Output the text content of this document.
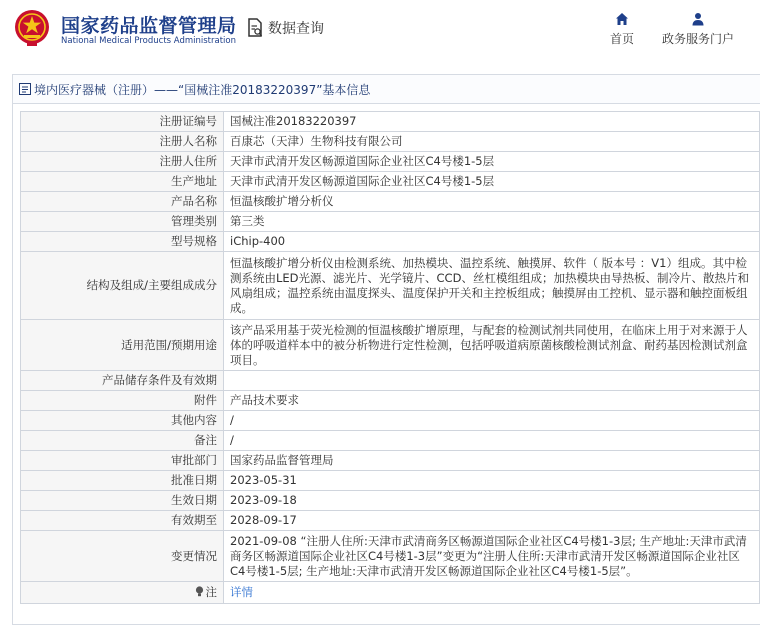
国家药品监督管理局
National Medical Products Administration
数据查询
首页 政务服务门户
境内医疗器械（注册）——“国械注准20183220397”基本信息
注册证编号	国械注准20183220397
注册人名称	百康芯（天津）生物科技有限公司
注册人住所	天津市武清开发区畅源道国际企业社区C4号楼1-5层
生产地址	天津市武清开发区畅源道国际企业社区C4号楼1-5层
产品名称	恒温核酸扩增分析仪
管理类别	第三类
型号规格	iChip-400
结构及组成/主要组成成分	恒温核酸扩增分析仪由检测系统、加热模块、温控系统、触摸屏、软件（ 版本号 ：V1）组成。其中检测系统由LED光源、滤光片、光学镜片、CCD、丝杠模组组成；加热模块由导热板、制冷片、散热片和风扇组成；温控系统由温度探头、温度保护开关和主控板组成；触摸屏由工控机、显示器和触控面板组成。
适用范围/预期用途	该产品采用基于荧光检测的恒温核酸扩增原理，与配套的检测试剂共同使用，在临床上用于对来源于人体的呼吸道样本中的被分析物进行定性检测，包括呼吸道病原菌核酸检测试剂盒、耐药基因检测试剂盒项目。
产品储存条件及有效期	
附件	产品技术要求
其他内容	/
备注	/
审批部门	国家药品监督管理局
批准日期	2023-05-31
生效日期	2023-09-18
有效期至	2028-09-17
变更情况	2021-09-08 “注册人住所:天津市武清商务区畅源道国际企业社区C4号楼1-3层; 生产地址:天津市武清商务区畅源道国际企业社区C4号楼1-3层”变更为“注册人住所:天津市武清开发区畅源道国际企业社区C4号楼1-5层; 生产地址:天津市武清开发区畅源道国际企业社区C4号楼1-5层”。
注	详情
